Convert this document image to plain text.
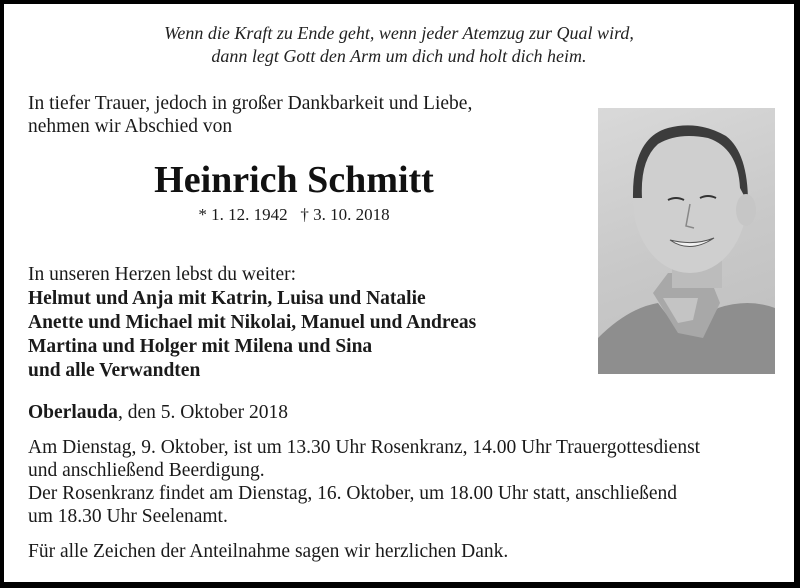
Wenn die Kraft zu Ende geht, wenn jeder Atemzug zur Qual wird,
dann legt Gott den Arm um dich und holt dich heim.
In tiefer Trauer, jedoch in großer Dankbarkeit und Liebe,
nehmen wir Abschied von
Heinrich Schmitt
* 1. 12. 1942 † 3. 10. 2018
In unseren Herzen lebst du weiter:
Helmut und Anja mit Katrin, Luisa und Natalie
Anette und Michael mit Nikolai, Manuel und Andreas
Martina und Holger mit Milena und Sina
und alle Verwandten
Oberlauda, den 5. Oktober 2018
Am Dienstag, 9. Oktober, ist um 13.30 Uhr Rosenkranz, 14.00 Uhr Trauergottesdienst
und anschließend Beerdigung.
Der Rosenkranz findet am Dienstag, 16. Oktober, um 18.00 Uhr statt, anschließend
um 18.30 Uhr Seelenamt.
Für alle Zeichen der Anteilnahme sagen wir herzlichen Dank.
